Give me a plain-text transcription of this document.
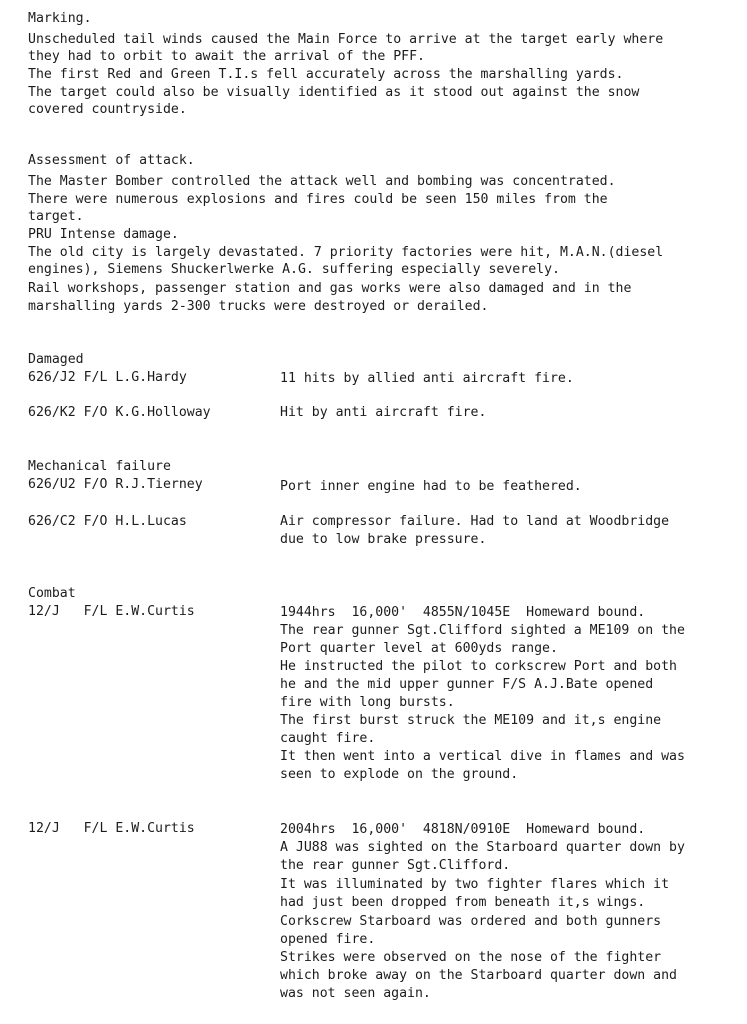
Marking.
Unscheduled tail winds caused the Main Force to arrive at the target early where
they had to orbit to await the arrival of the PFF.
The first Red and Green T.I.s fell accurately across the marshalling yards.
The target could also be visually identified as it stood out against the snow
covered countryside.
Assessment of attack.
The Master Bomber controlled the attack well and bombing was concentrated.
There were numerous explosions and fires could be seen 150 miles from the
target.
PRU Intense damage.
The old city is largely devastated. 7 priority factories were hit, M.A.N.(diesel
engines), Siemens Shuckerlwerke A.G. suffering especially severely.
Rail workshops, passenger station and gas works were also damaged and in the
marshalling yards 2-300 trucks were destroyed or derailed.
Damaged
626/J2 F/L L.G.Hardy	11 hits by allied anti aircraft fire.
626/K2 F/O K.G.Holloway	Hit by anti aircraft fire.
Mechanical failure
626/U2 F/O R.J.Tierney	Port inner engine had to be feathered.
626/C2 F/O H.L.Lucas	Air compressor failure. Had to land at Woodbridge
due to low brake pressure.
Combat
12/J   F/L E.W.Curtis	1944hrs  16,000'  4855N/1045E  Homeward bound.
The rear gunner Sgt.Clifford sighted a ME109 on the
Port quarter level at 600yds range.
He instructed the pilot to corkscrew Port and both
he and the mid upper gunner F/S A.J.Bate opened
fire with long bursts.
The first burst struck the ME109 and it,s engine
caught fire.
It then went into a vertical dive in flames and was
seen to explode on the ground.
12/J   F/L E.W.Curtis	2004hrs  16,000'  4818N/0910E  Homeward bound.
A JU88 was sighted on the Starboard quarter down by
the rear gunner Sgt.Clifford.
It was illuminated by two fighter flares which it
had just been dropped from beneath it,s wings.
Corkscrew Starboard was ordered and both gunners
opened fire.
Strikes were observed on the nose of the fighter
which broke away on the Starboard quarter down and
was not seen again.
